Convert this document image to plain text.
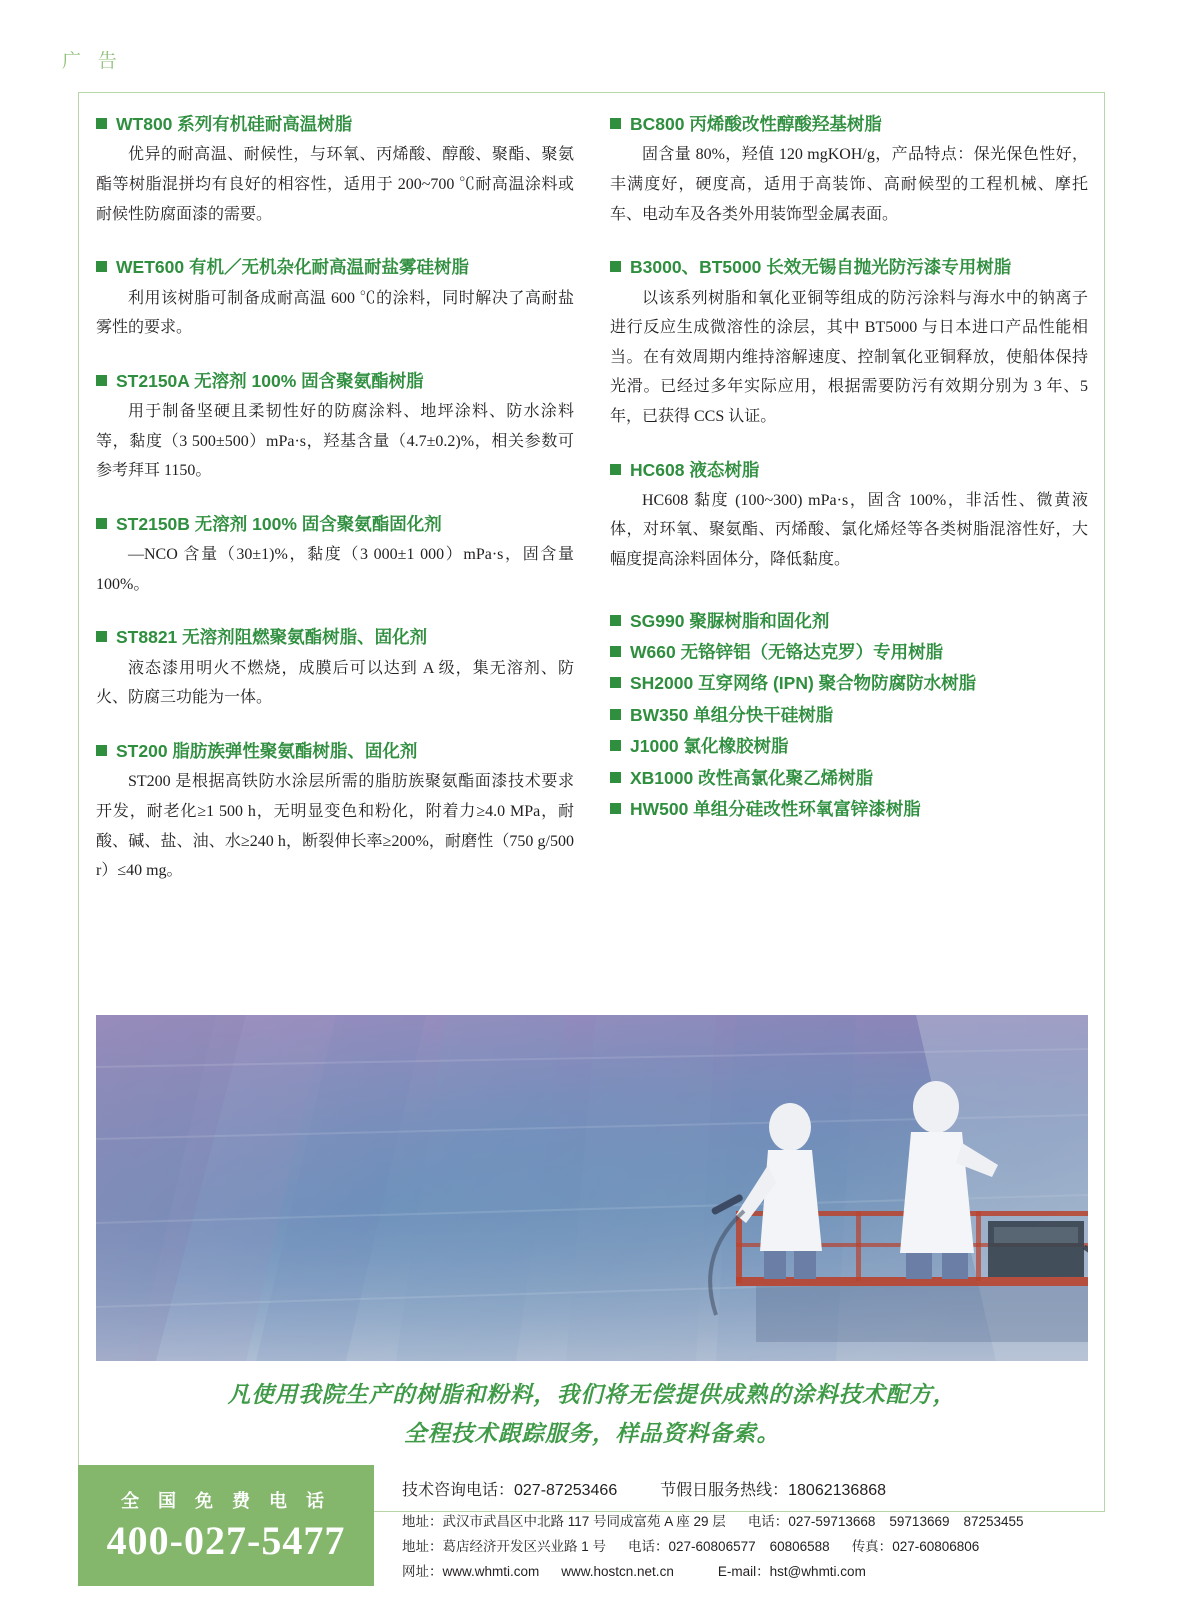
广 告
WT800 系列有机硅耐高温树脂
优异的耐高温、耐候性，与环氧、丙烯酸、醇酸、聚酯、聚氨酯等树脂混拼均有良好的相容性，适用于 200~700 ℃耐高温涂料或耐候性防腐面漆的需要。
WET600 有机／无机杂化耐高温耐盐雾硅树脂
利用该树脂可制备成耐高温 600 ℃的涂料，同时解决了高耐盐雾性的要求。
ST2150A 无溶剂 100% 固含聚氨酯树脂
用于制备坚硬且柔韧性好的防腐涂料、地坪涂料、防水涂料等，黏度（3 500±500）mPa·s，羟基含量（4.7±0.2)%，相关参数可参考拜耳 1150。
ST2150B 无溶剂 100% 固含聚氨酯固化剂
—NCO 含量（30±1)%，黏度（3 000±1 000）mPa·s，固含量 100%。
ST8821 无溶剂阻燃聚氨酯树脂、固化剂
液态漆用明火不燃烧，成膜后可以达到 A 级，集无溶剂、防火、防腐三功能为一体。
ST200 脂肪族弹性聚氨酯树脂、固化剂
ST200 是根据高铁防水涂层所需的脂肪族聚氨酯面漆技术要求开发，耐老化≥1 500 h，无明显变色和粉化，附着力≥4.0 MPa，耐酸、碱、盐、油、水≥240 h，断裂伸长率≥200%，耐磨性（750 g/500 r）≤40 mg。
BC800 丙烯酸改性醇酸羟基树脂
固含量 80%，羟值 120 mgKOH/g，产品特点：保光保色性好，丰满度好，硬度高，适用于高装饰、高耐候型的工程机械、摩托车、电动车及各类外用装饰型金属表面。
B3000、BT5000 长效无锡自抛光防污漆专用树脂
以该系列树脂和氧化亚铜等组成的防污涂料与海水中的钠离子进行反应生成微溶性的涂层，其中 BT5000 与日本进口产品性能相当。在有效周期内维持溶解速度、控制氧化亚铜释放，使船体保持光滑。已经过多年实际应用，根据需要防污有效期分别为 3 年、5 年，已获得 CCS 认证。
HC608 液态树脂
HC608 黏度 (100~300) mPa·s，固含 100%，非活性、微黄液体，对环氧、聚氨酯、丙烯酸、氯化烯烃等各类树脂混溶性好，大幅度提高涂料固体分，降低黏度。
SG990 聚脲树脂和固化剂
W660 无铬锌铝（无铬达克罗）专用树脂
SH2000 互穿网络 (IPN) 聚合物防腐防水树脂
BW350 单组分快干硅树脂
J1000 氯化橡胶树脂
XB1000 改性高氯化聚乙烯树脂
HW500 单组分硅改性环氧富锌漆树脂
凡使用我院生产的树脂和粉料，我们将无偿提供成熟的涂料技术配方，
全程技术跟踪服务，样品资料备索。
全 国 免 费 电 话
400-027-5477
技术咨询电话：027-87253466	节假日服务热线：18062136868
地址：武汉市武昌区中北路 117 号同成富苑 A 座 29 层 电话：027-59713668 59713669 87253455
地址：葛店经济开发区兴业路 1 号 电话：027-60806577 60806588 传真：027-60806806
网址：www.whmti.com www.hostcn.net.cn	E-mail：hst@whmti.com
